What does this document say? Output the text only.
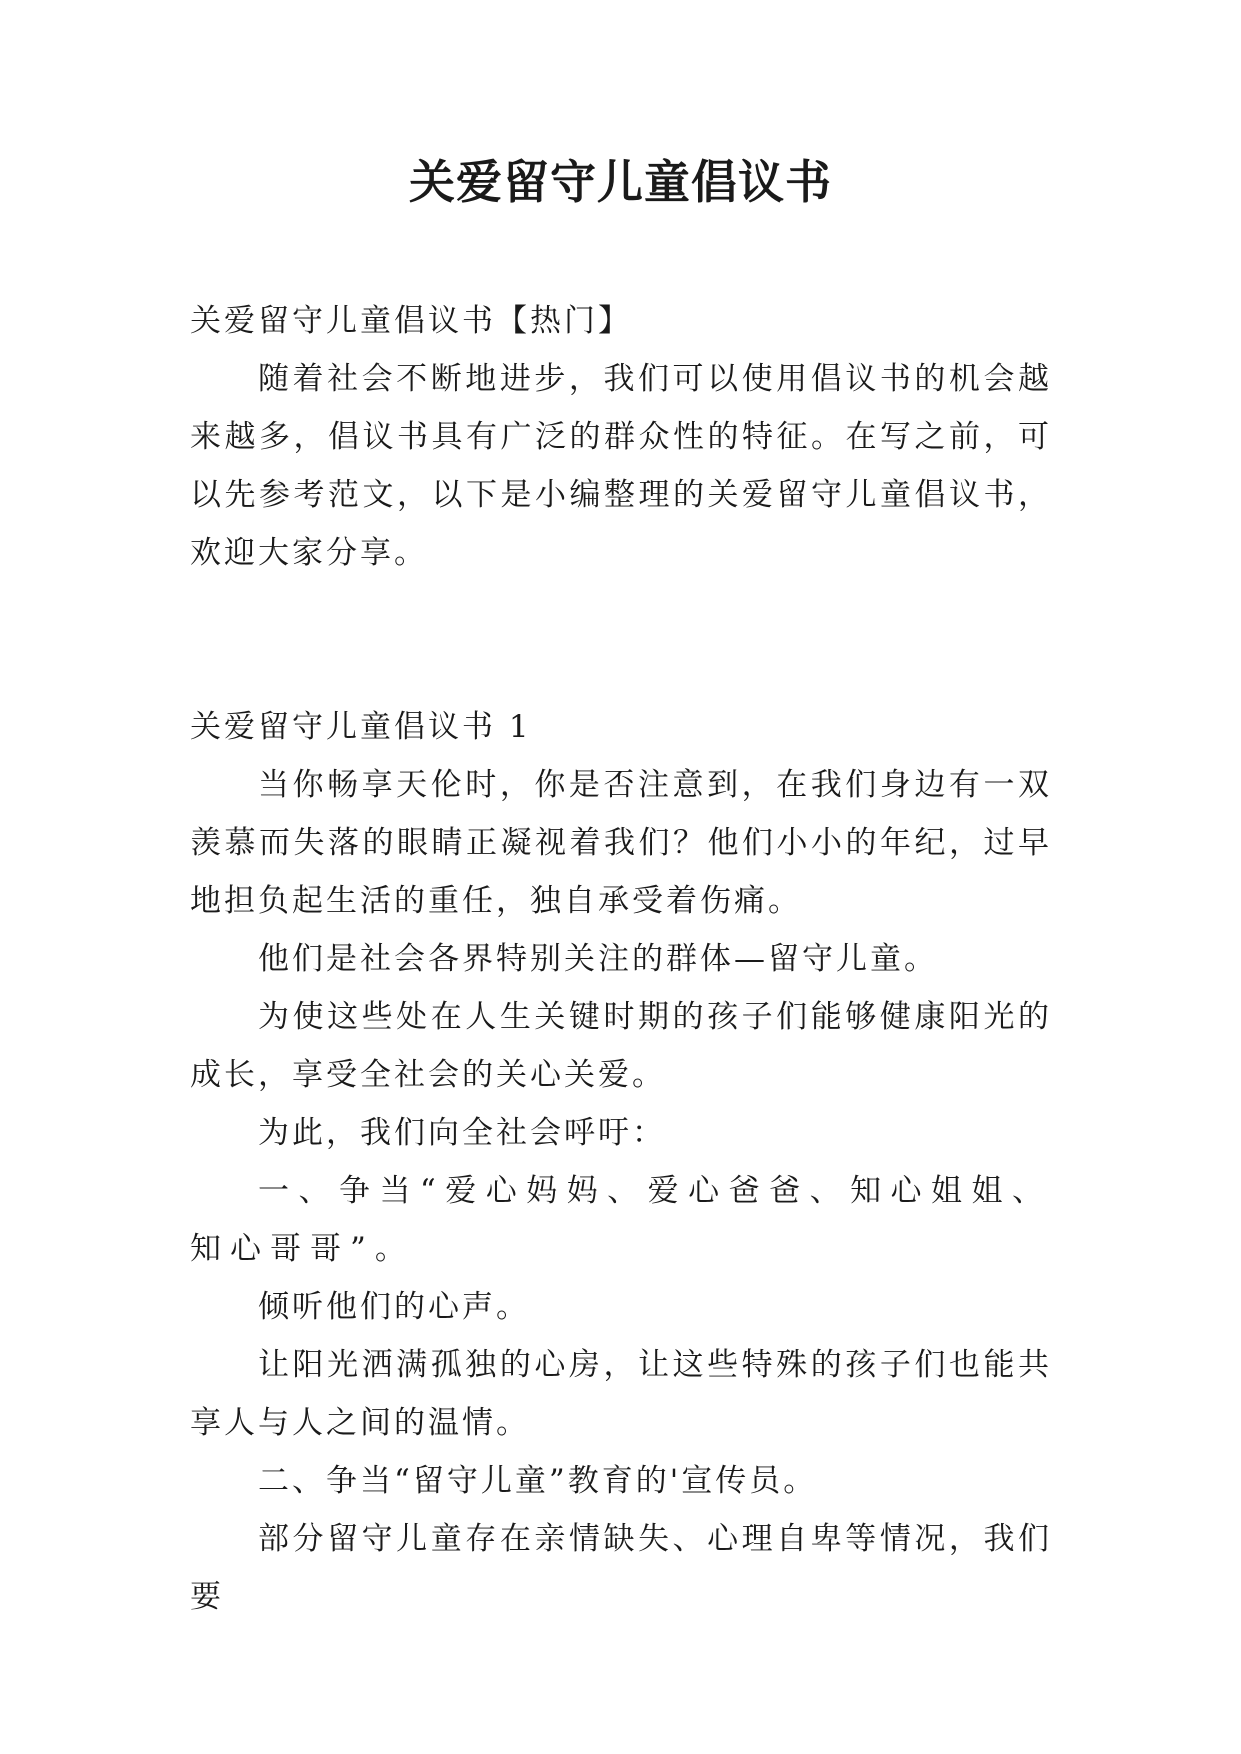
关爱留守儿童倡议书

关爱留守儿童倡议书【热门】

随着社会不断地进步，我们可以使用倡议书的机会越来越多，倡议书具有广泛的群众性的特征。在写之前，可以先参考范文，以下是小编整理的关爱留守儿童倡议书，欢迎大家分享。

关爱留守儿童倡议书 1

当你畅享天伦时，你是否注意到，在我们身边有一双羡慕而失落的眼睛正凝视着我们？他们小小的年纪，过早地担负起生活的重任，独自承受着伤痛。

他们是社会各界特别关注的群体—留守儿童。

为使这些处在人生关键时期的孩子们能够健康阳光的成长，享受全社会的关心关爱。

为此，我们向全社会呼吁：

一、争当“爱心妈妈、爱心爸爸、知心姐姐、知心哥哥”。

倾听他们的心声。

让阳光洒满孤独的心房，让这些特殊的孩子们也能共享人与人之间的温情。

二、争当“留守儿童”教育的'宣传员。

部分留守儿童存在亲情缺失、心理自卑等情况，我们要
